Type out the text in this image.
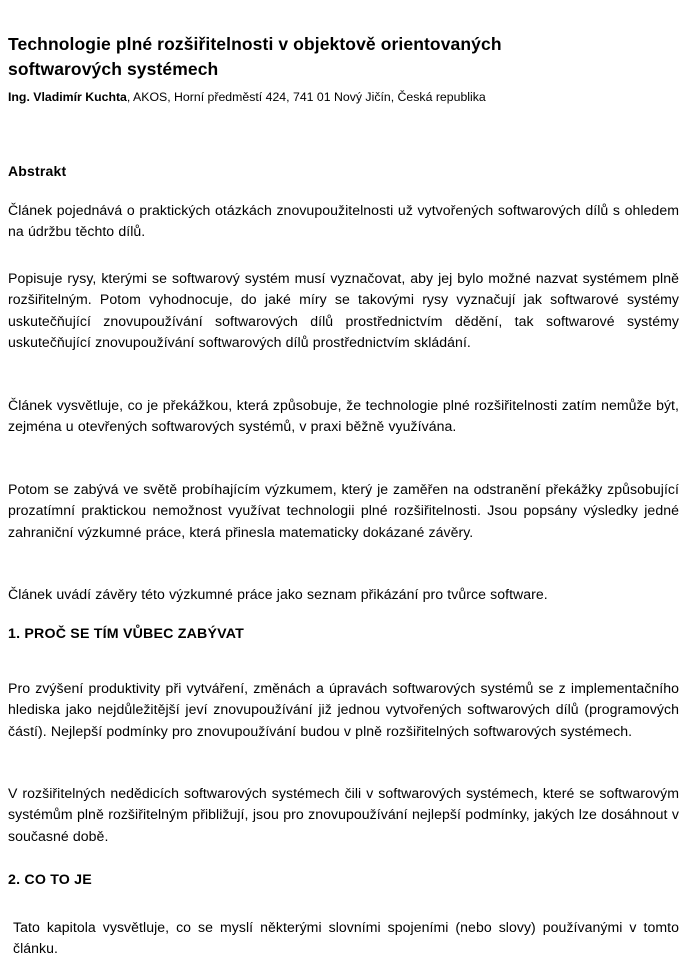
Technologie plné rozšiřitelnosti v objektově orientovaných
softwarových systémech
Ing. Vladimír Kuchta, AKOS, Horní předměstí 424, 741 01 Nový Jičín, Česká republika
Abstrakt

Článek pojednává o praktických otázkách znovupoužitelnosti už vytvořených softwarových dílů s ohledem na údržbu těchto dílů.

Popisuje rysy, kterými se softwarový systém musí vyznačovat, aby jej bylo možné nazvat systémem plně rozšiřitelným. Potom vyhodnocuje, do jaké míry se takovými rysy vyznačují jak softwarové systémy uskutečňující znovupoužívání softwarových dílů prostřednictvím dědění, tak softwarové systémy uskutečňující znovupoužívání softwarových dílů prostřednictvím skládání.

Článek vysvětluje, co je překážkou, která způsobuje, že technologie plné rozšiřitelnosti zatím nemůže být, zejména u otevřených softwarových systémů, v praxi běžně využívána.

Potom se zabývá ve světě probíhajícím výzkumem, který je zaměřen na odstranění překážky způsobující prozatímní praktickou nemožnost využívat technologii plné rozšiřitelnosti. Jsou popsány výsledky jedné zahraniční výzkumné práce, která přinesla matematicky dokázané závěry.

Článek uvádí závěry této výzkumné práce jako seznam přikázání pro tvůrce software.

1. PROČ SE TÍM VŮBEC ZABÝVAT

Pro zvýšení produktivity při vytváření, změnách a úpravách softwarových systémů se z implementačního hlediska jako nejdůležitější jeví znovupoužívání již jednou vytvořených softwarových dílů (programových částí). Nejlepší podmínky pro znovupoužívání budou v plně rozšiřitelných softwarových systémech.

V rozšiřitelných nedědicích softwarových systémech čili v softwarových systémech, které se softwarovým systémům plně rozšiřitelným přibližují, jsou pro znovupoužívání nejlepší podmínky, jakých lze dosáhnout v současné době.

2. CO TO JE

Tato kapitola vysvětluje, co se myslí některými slovními spojeními (nebo slovy) používanými v tomto článku.
